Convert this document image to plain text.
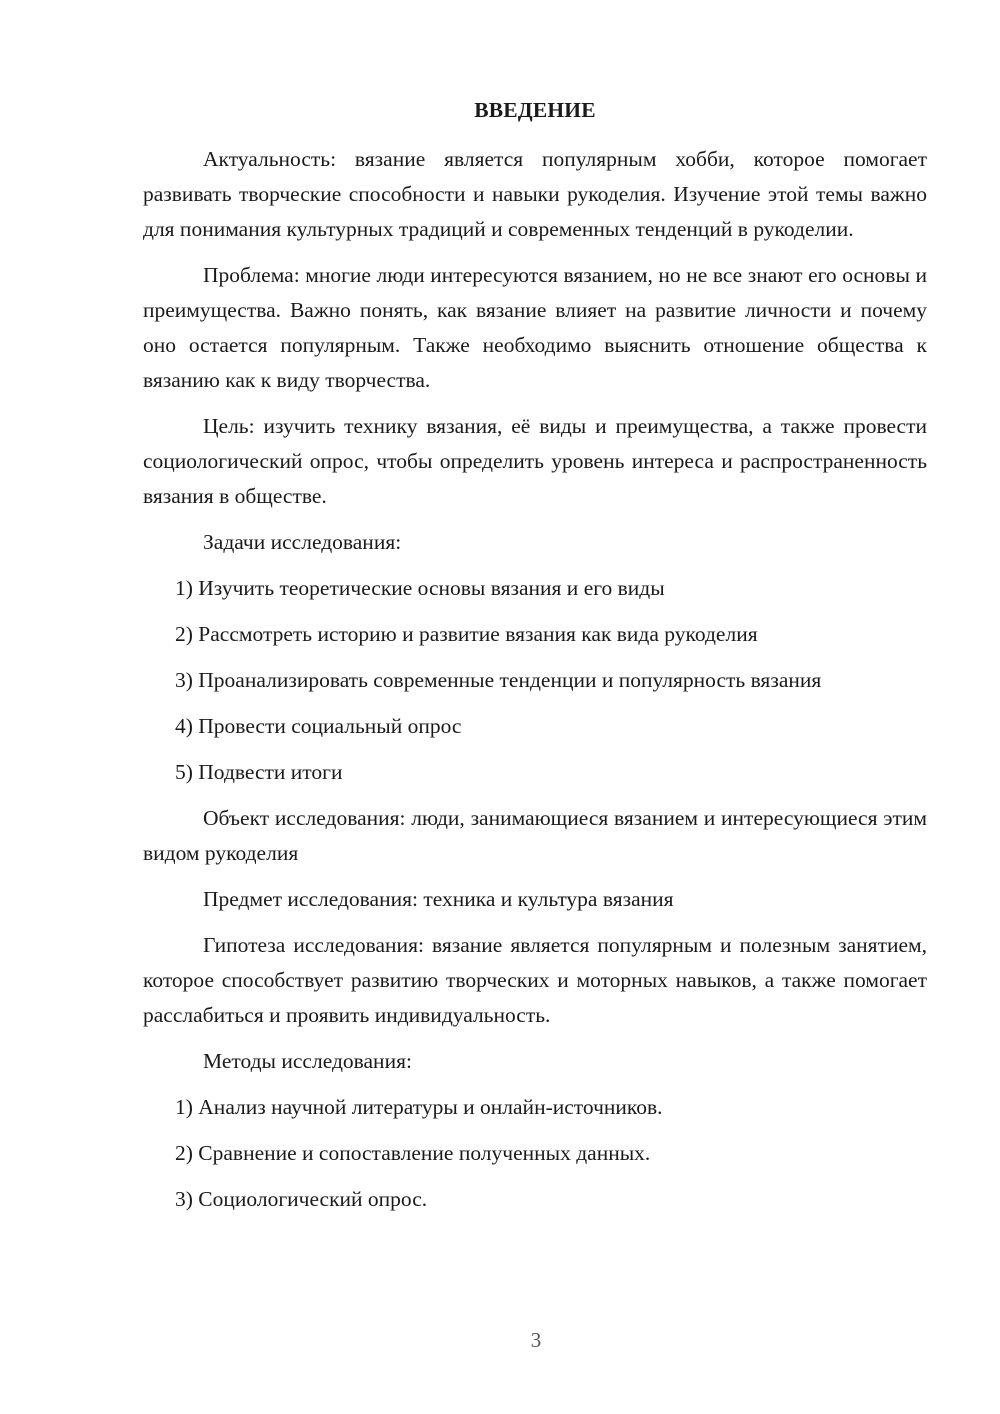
ВВЕДЕНИЕ

Актуальность: вязание является популярным хобби, которое помогает развивать творческие способности и навыки рукоделия. Изучение этой темы важно для понимания культурных традиций и современных тенденций в рукоделии.

Проблема: многие люди интересуются вязанием, но не все знают его основы и преимущества. Важно понять, как вязание влияет на развитие личности и почему оно остается популярным. Также необходимо выяснить отношение общества к вязанию как к виду творчества.

Цель: изучить технику вязания, её виды и преимущества, а также провести социологический опрос, чтобы определить уровень интереса и распространенность вязания в обществе.

Задачи исследования:

1) Изучить теоретические основы вязания и его виды
2) Рассмотреть историю и развитие вязания как вида рукоделия
3) Проанализировать современные тенденции и популярность вязания
4) Провести социальный опрос
5) Подвести итоги

Объект исследования: люди, занимающиеся вязанием и интересующиеся этим видом рукоделия

Предмет исследования: техника и культура вязания

Гипотеза исследования: вязание является популярным и полезным занятием, которое способствует развитию творческих и моторных навыков, а также помогает расслабиться и проявить индивидуальность.

Методы исследования:

1) Анализ научной литературы и онлайн-источников.
2) Сравнение и сопоставление полученных данных.
3) Социологический опрос.
3
